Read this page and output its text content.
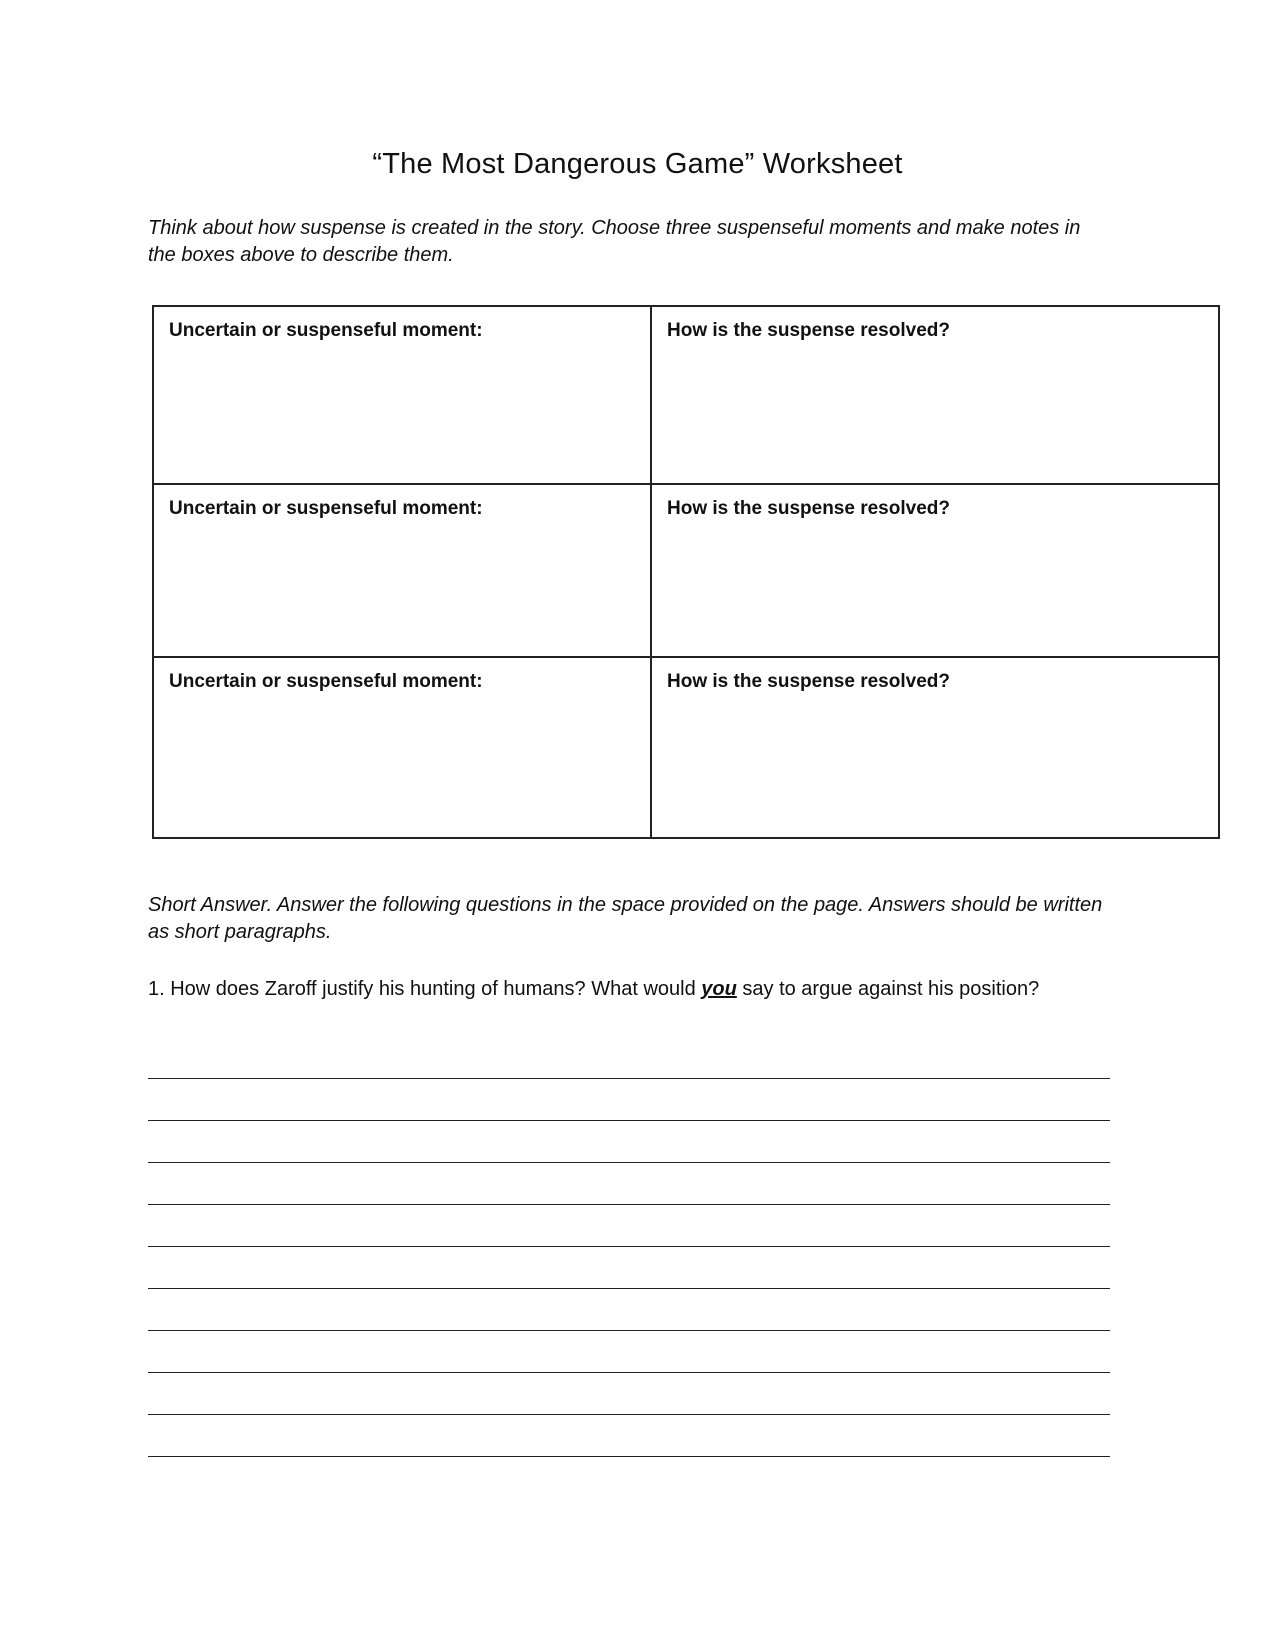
“The Most Dangerous Game” Worksheet

Think about how suspense is created in the story. Choose three suspenseful moments and make notes in the boxes above to describe them.

Uncertain or suspenseful moment:	How is the suspense resolved?
Uncertain or suspenseful moment:	How is the suspense resolved?
Uncertain or suspenseful moment:	How is the suspense resolved?

Short Answer. Answer the following questions in the space provided on the page. Answers should be written as short paragraphs.

1. How does Zaroff justify his hunting of humans? What would you say to argue against his position?
